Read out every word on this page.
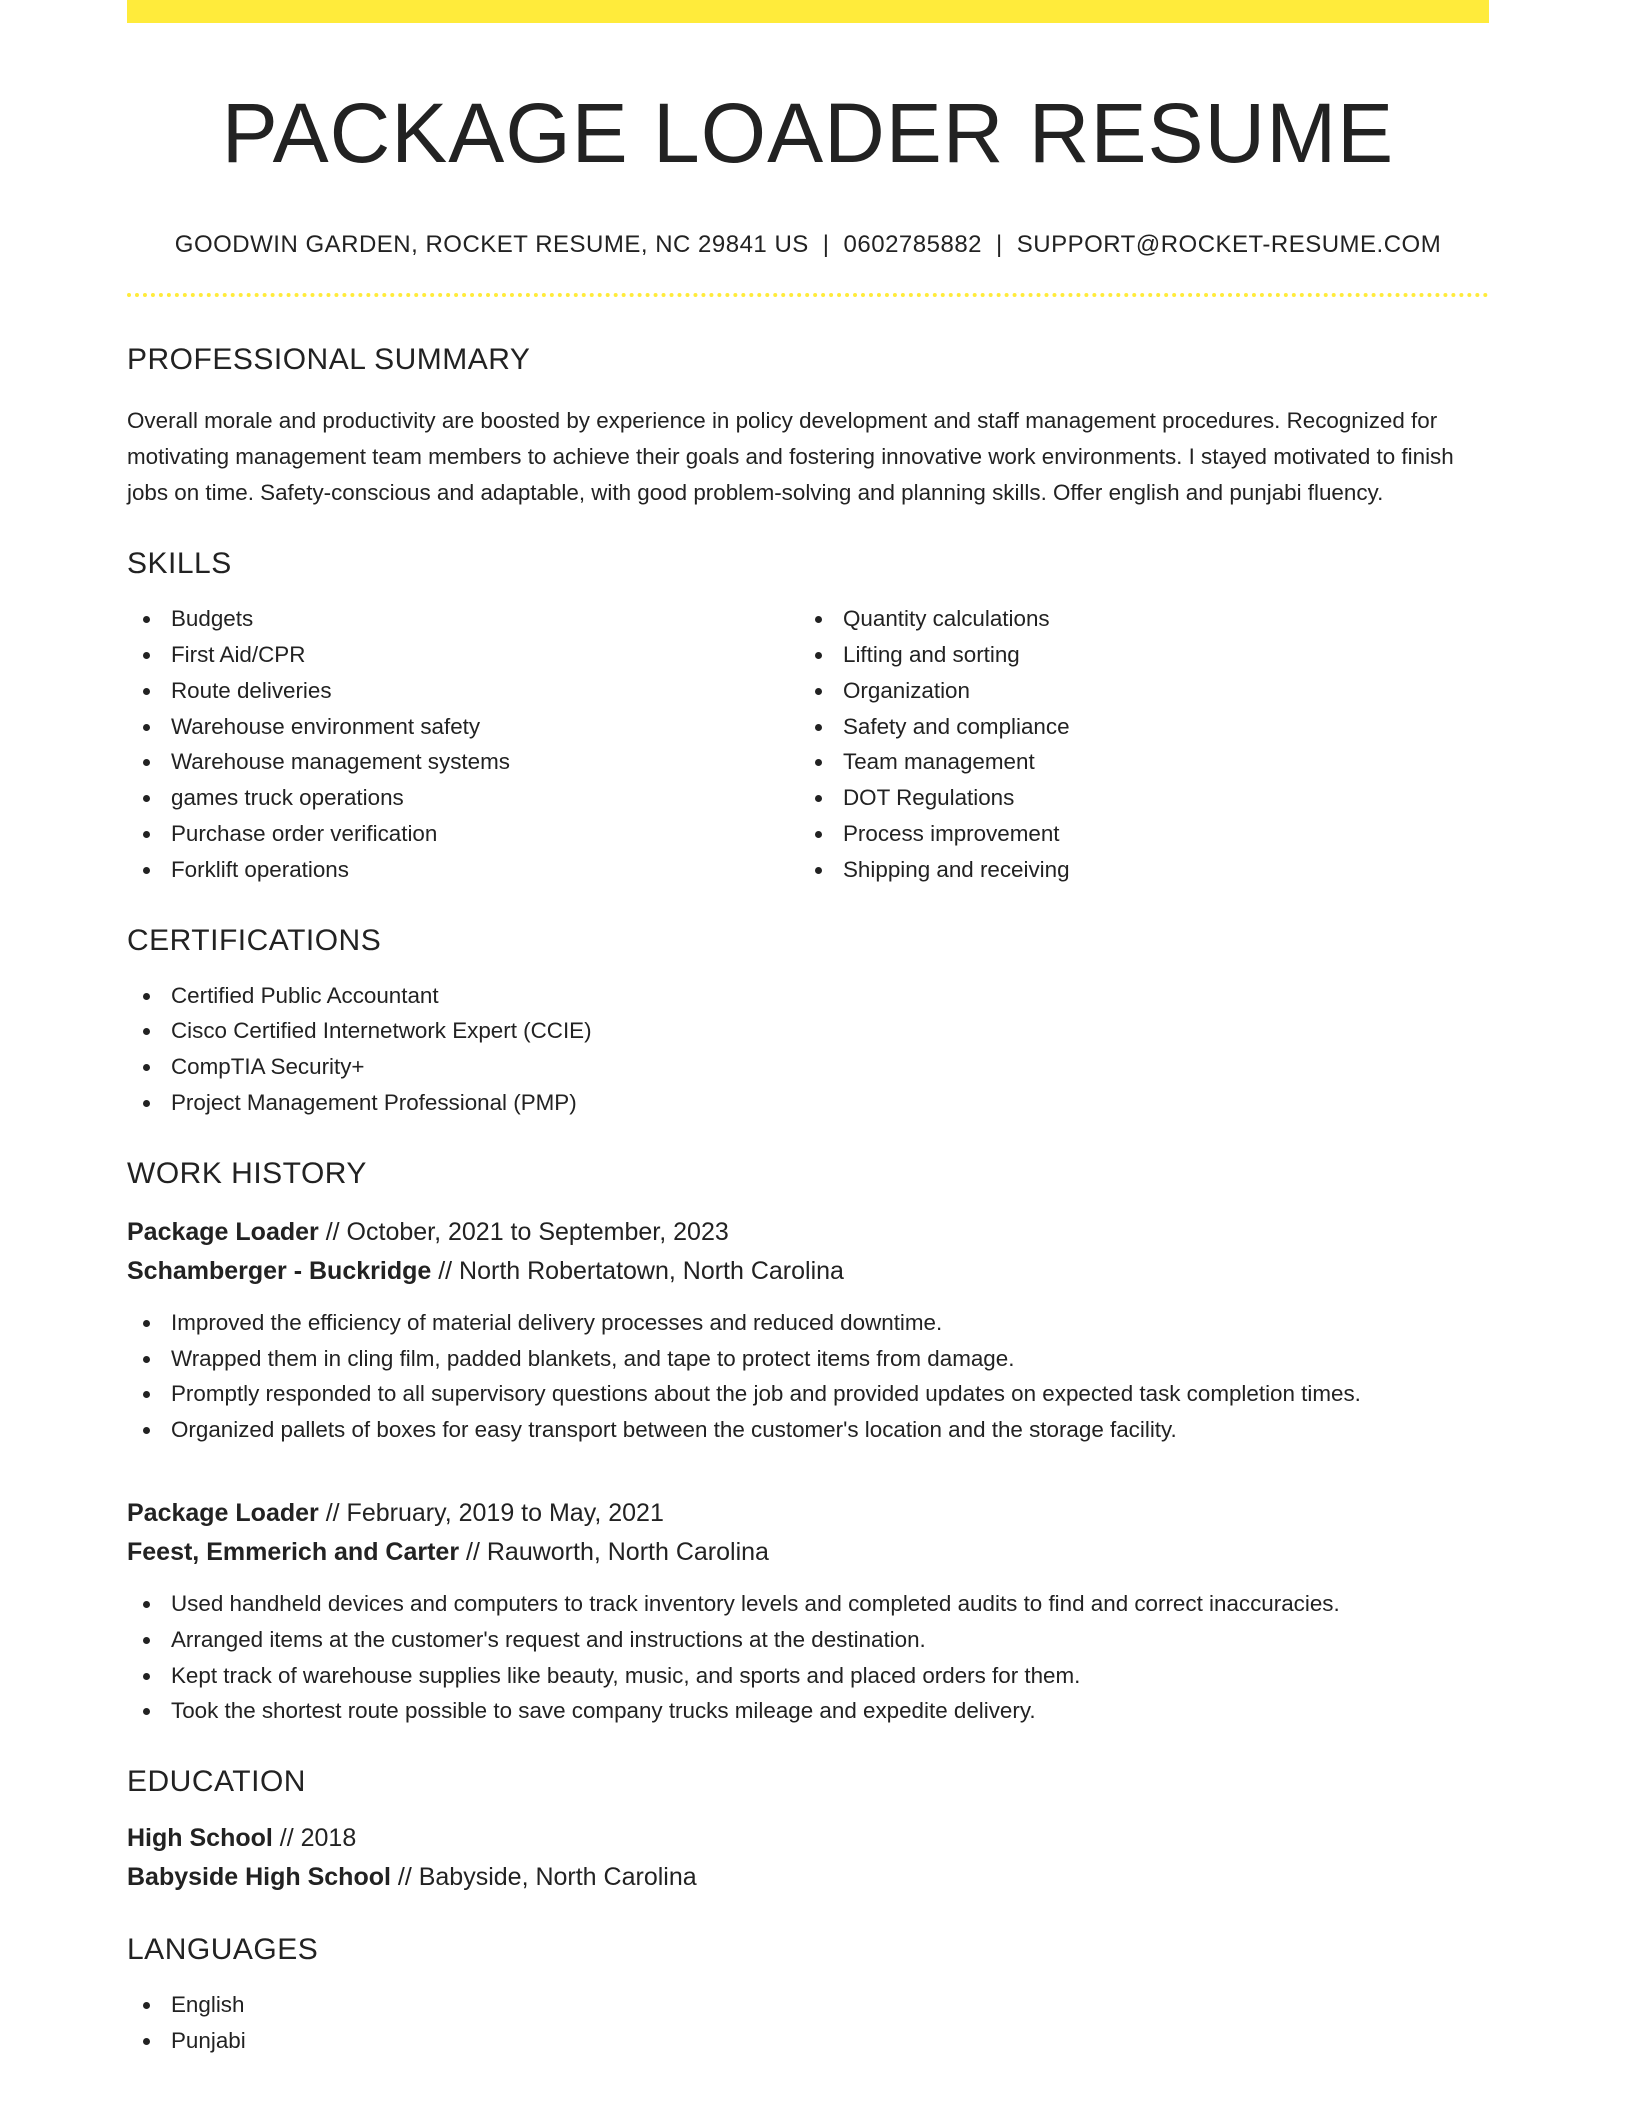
PACKAGE LOADER RESUME
GOODWIN GARDEN, ROCKET RESUME, NC 29841 US | 0602785882 | SUPPORT@ROCKET-RESUME.COM
PROFESSIONAL SUMMARY

Overall morale and productivity are boosted by experience in policy development and staff management procedures. Recognized for motivating management team members to achieve their goals and fostering innovative work environments. I stayed motivated to finish jobs on time. Safety-conscious and adaptable, with good problem-solving and planning skills. Offer english and punjabi fluency.

SKILLS
Budgets
First Aid/CPR
Route deliveries
Warehouse environment safety
Warehouse management systems
games truck operations
Purchase order verification
Forklift operations
Quantity calculations
Lifting and sorting
Organization
Safety and compliance
Team management
DOT Regulations
Process improvement
Shipping and receiving
CERTIFICATIONS
Certified Public Accountant
Cisco Certified Internetwork Expert (CCIE)
CompTIA Security+
Project Management Professional (PMP)
WORK HISTORY
Package Loader // October, 2021 to September, 2023
Schamberger - Buckridge // North Robertatown, North Carolina
Improved the efficiency of material delivery processes and reduced downtime.
Wrapped them in cling film, padded blankets, and tape to protect items from damage.
Promptly responded to all supervisory questions about the job and provided updates on expected task completion times.
Organized pallets of boxes for easy transport between the customer's location and the storage facility.
Package Loader // February, 2019 to May, 2021
Feest, Emmerich and Carter // Rauworth, North Carolina
Used handheld devices and computers to track inventory levels and completed audits to find and correct inaccuracies.
Arranged items at the customer's request and instructions at the destination.
Kept track of warehouse supplies like beauty, music, and sports and placed orders for them.
Took the shortest route possible to save company trucks mileage and expedite delivery.
EDUCATION
High School // 2018
Babyside High School // Babyside, North Carolina
LANGUAGES
English
Punjabi
